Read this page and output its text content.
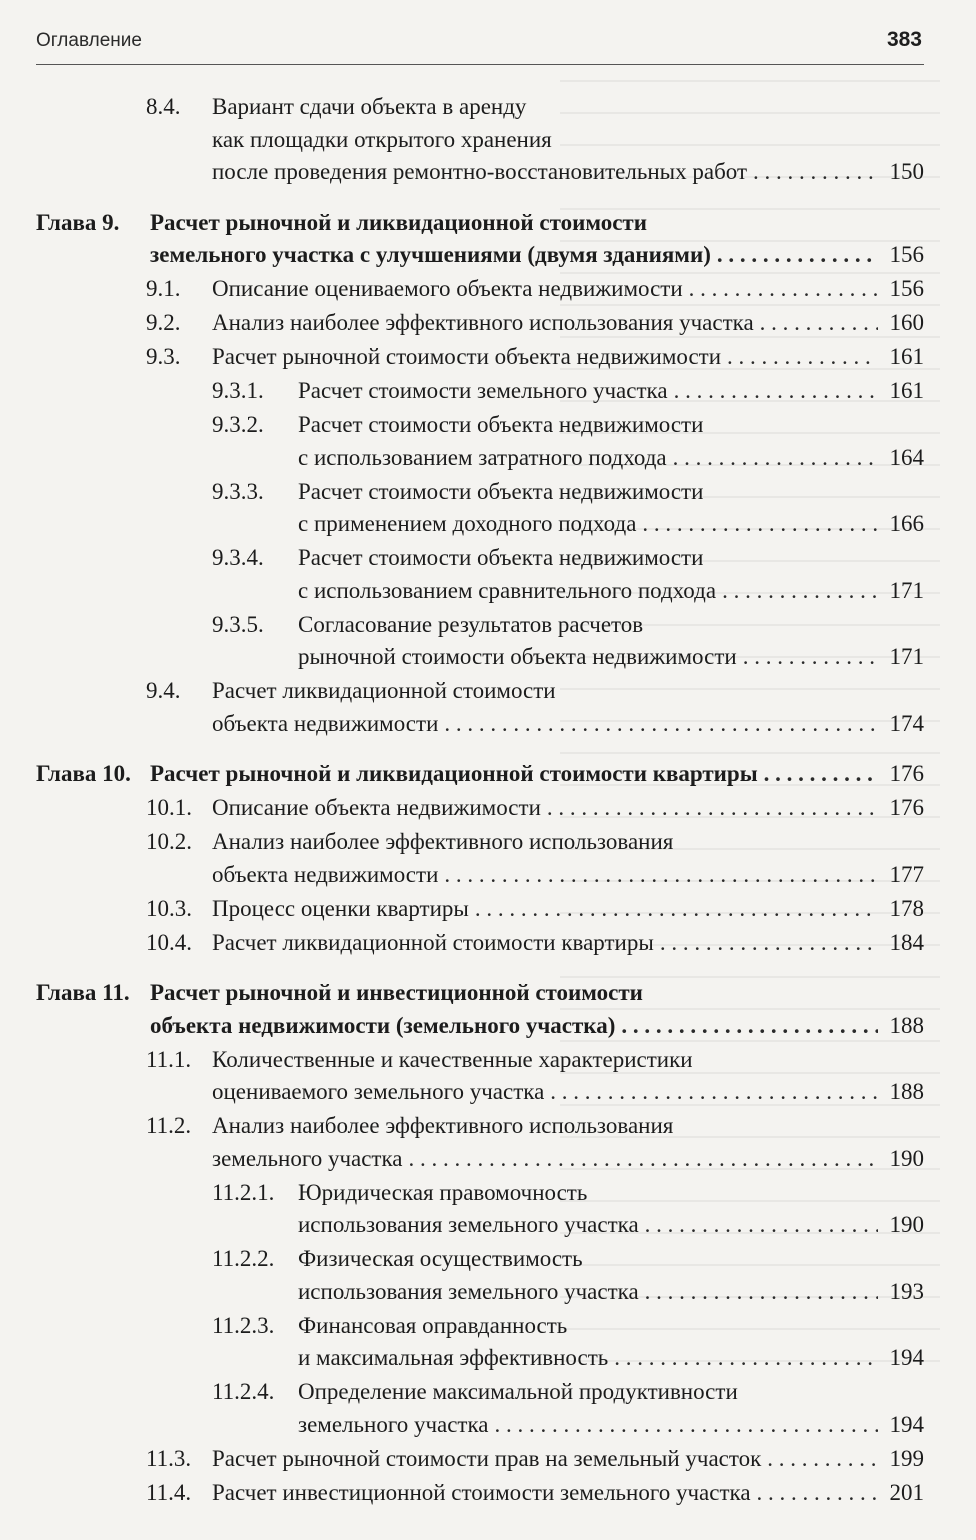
Оглавление	383
8.4. Вариант сдачи объекта в аренду
как площадки открытого хранения
после проведения ремонтно-восстановительных работ . . .	150
Глава 9. Расчет рыночной и ликвидационной стоимости
земельного участка с улучшениями (двумя зданиями) . . .	156
9.1. Описание оцениваемого объекта недвижимости . . .	156
9.2. Анализ наиболее эффективного использования участка . . .	160
9.3. Расчет рыночной стоимости объекта недвижимости . . .	161
9.3.1. Расчет стоимости земельного участка . . .	161
9.3.2. Расчет стоимости объекта недвижимости
с использованием затратного подхода . . .	164
9.3.3. Расчет стоимости объекта недвижимости
с применением доходного подхода . . .	166
9.3.4. Расчет стоимости объекта недвижимости
с использованием сравнительного подхода . . .	171
9.3.5. Согласование результатов расчетов
рыночной стоимости объекта недвижимости . . .	171
9.4. Расчет ликвидационной стоимости
объекта недвижимости . . .	174
Глава 10. Расчет рыночной и ликвидационной стоимости квартиры . . .	176
10.1. Описание объекта недвижимости . . .	176
10.2. Анализ наиболее эффективного использования
объекта недвижимости . . .	177
10.3. Процесс оценки квартиры . . .	178
10.4. Расчет ликвидационной стоимости квартиры . . .	184
Глава 11. Расчет рыночной и инвестиционной стоимости
объекта недвижимости (земельного участка) . . .	188
11.1. Количественные и качественные характеристики
оцениваемого земельного участка . . .	188
11.2. Анализ наиболее эффективного использования
земельного участка . . .	190
11.2.1. Юридическая правомочность
использования земельного участка . . .	190
11.2.2. Физическая осуществимость
использования земельного участка . . .	193
11.2.3. Финансовая оправданность
и максимальная эффективность . . .	194
11.2.4. Определение максимальной продуктивности
земельного участка . . .	194
11.3. Расчет рыночной стоимости прав на земельный участок . . .	199
11.4. Расчет инвестиционной стоимости земельного участка . . .	201
